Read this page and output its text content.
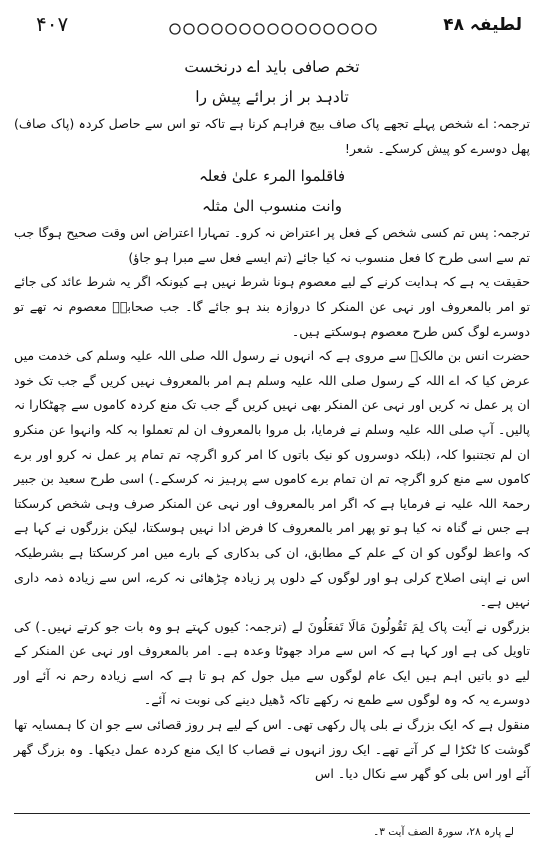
۴۰۷	لطیفہ ۴۸

تخم صافی باید اے درنخست

تادہد بر از برائے پیش را

ترجمہ: اے شخص پہلے تجھے پاک صاف بیج فراہم کرنا ہے تاکہ تو اس سے حاصل کردہ (پاک صاف) پھل دوسرے کو پیش کرسکے۔ شعر!

فاقلموا المرء علیٰ فعلہ

وانت منسوب الیٰ مثلہ

ترجمہ: پس تم کسی شخص کے فعل پر اعتراض نہ کرو۔ تمہارا اعتراض اس وقت صحیح ہوگا جب تم سے اسی طرح کا فعل منسوب نہ کیا جائے (تم ایسے فعل سے مبرا ہو جاؤ)

حقیقت یہ ہے کہ ہدایت کرنے کے لیے معصوم ہونا شرط نہیں ہے کیونکہ اگر یہ شرط عائد کی جائے تو امر بالمعروف اور نہی عن المنکر کا دروازہ بند ہو جائے گا۔ جب صحابہؓ معصوم نہ تھے تو دوسرے لوگ کس طرح معصوم ہوسکتے ہیں۔

حضرت انس بن مالکؓ سے مروی ہے کہ انہوں نے رسول اللہ صلی اللہ علیہ وسلم کی خدمت میں عرض کیا کہ اے اللہ کے رسول صلی اللہ علیہ وسلم ہم امر بالمعروف نہیں کریں گے جب تک خود ان پر عمل نہ کریں اور نہی عن المنکر بھی نہیں کریں گے جب تک منع کردہ کاموں سے چھٹکارا نہ پالیں۔ آپ صلی اللہ علیہ وسلم نے فرمایا، بل مروا بالمعروف ان لم تعملوا بہ کلہ وانہوا عن منکرو ان لم تجتنبوا کلہ، (بلکہ دوسروں کو نیک باتوں کا امر کرو اگرچہ تم تمام پر عمل نہ کرو اور برے کاموں سے منع کرو اگرچہ تم ان تمام برے کاموں سے پرہیز نہ کرسکے۔) اسی طرح سعید بن جبیر رحمۃ اللہ علیہ نے فرمایا ہے کہ اگر امر بالمعروف اور نہی عن المنکر صرف وہی شخص کرسکتا ہے جس نے گناہ نہ کیا ہو تو پھر امر بالمعروف کا فرض ادا نہیں ہوسکتا، لیکن بزرگوں نے کہا ہے کہ واعظ لوگوں کو ان کے علم کے مطابق، ان کی بدکاری کے بارے میں امر کرسکتا ہے بشرطیکہ اس نے اپنی اصلاح کرلی ہو اور لوگوں کے دلوں پر زیادہ چڑھائی نہ کرے، اس سے زیادہ ذمہ داری نہیں ہے۔

بزرگوں نے آیت پاک لِمَ تَقُولُونَ مَالَا تَفعَلُونَ لے (ترجمہ: کیوں کہتے ہو وہ بات جو کرتے نہیں۔) کی تاویل کی ہے اور کہا ہے کہ اس سے مراد جھوٹا وعدہ ہے۔ امر بالمعروف اور نہی عن المنکر کے لیے دو باتیں اہم ہیں ایک عام لوگوں سے میل جول کم ہو تا ہے کہ اسے زیادہ رحم نہ آئے اور دوسرے یہ کہ وہ لوگوں سے طمع نہ رکھے تاکہ ڈھیل دینے کی نوبت نہ آئے۔

منقول ہے کہ ایک بزرگ نے بلی پال رکھی تھی۔ اس کے لیے ہر روز قصائی سے جو ان کا ہمسایہ تھا گوشت کا ٹکڑا لے کر آتے تھے۔ ایک روز انہوں نے قصاب کا ایک منع کردہ عمل دیکھا۔ وہ بزرگ گھر آئے اور اس بلی کو گھر سے نکال دیا۔ اس

لے پارہ ۲۸، سورۃ الصف آیت ۳۔
